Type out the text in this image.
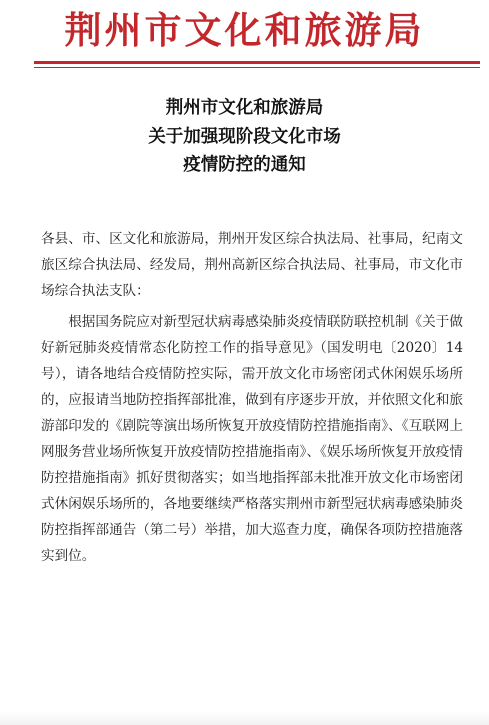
荆州市文化和旅游局
荆州市文化和旅游局
关于加强现阶段文化市场
疫情防控的通知

各县、市、区文化和旅游局，荆州开发区综合执法局、社事局，纪南文旅区综合执法局、经发局，荆州高新区综合执法局、社事局，市文化市场综合执法支队：

根据国务院应对新型冠状病毒感染肺炎疫情联防联控机制《关于做好新冠肺炎疫情常态化防控工作的指导意见》（国发明电〔2020〕14号），请各地结合疫情防控实际，需开放文化市场密闭式休闲娱乐场所的，应报请当地防控指挥部批准，做到有序逐步开放，并依照文化和旅游部印发的《剧院等演出场所恢复开放疫情防控措施指南》、《互联网上网服务营业场所恢复开放疫情防控措施指南》、《娱乐场所恢复开放疫情防控措施指南》抓好贯彻落实；如当地指挥部未批准开放文化市场密闭式休闲娱乐场所的，各地要继续严格落实荆州市新型冠状病毒感染肺炎防控指挥部通告（第二号）举措，加大巡查力度，确保各项防控措施落实到位。
